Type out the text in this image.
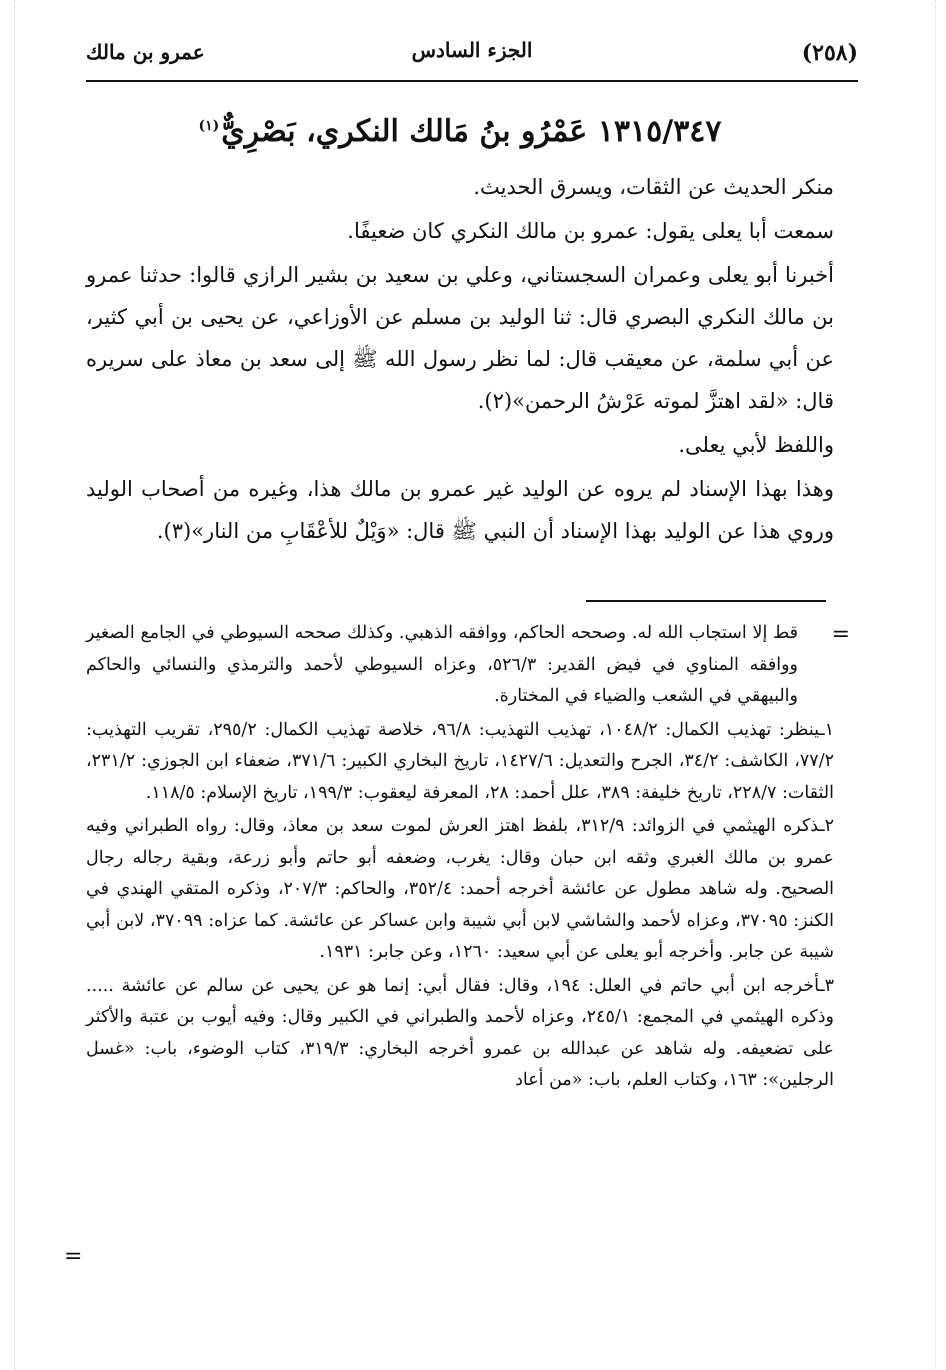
(٢٥٨)
الجزء السادس
عمرو بن مالك
١٣١٥/٣٤٧ عَمْرُو بنُ مَالك النكري، بَصْرِيٌّ$^{(١)}$

منكر الحديث عن الثقات، ويسرق الحديث.

سمعت أبا يعلى يقول: عمرو بن مالك النكري كان ضعيفًا.

أخبرنا أبو يعلى وعمران السجستاني، وعلي بن سعيد بن بشير الرازي قالوا: حدثنا عمرو بن مالك النكري البصري قال: ثنا الوليد بن مسلم عن الأوزاعي، عن يحيى بن أبي كثير، عن أبي سلمة، عن معيقب قال: لما نظر رسول الله ﷺ إلى سعد بن معاذ على سريره قال: «لقد اهتزَّ لموته عَرْشُ الرحمن»(٢).

واللفظ لأبي يعلى.

وهذا بهذا الإسناد لم يروه عن الوليد غير عمرو بن مالك هذا، وغيره من أصحاب الوليد وروي هذا عن الوليد بهذا الإسناد أن النبي ﷺ قال: «وَيْلٌ للأعْقَابِ من النار»(٣).

=

قط إلا استجاب الله له. وصححه الحاكم، ووافقه الذهبي. وكذلك صححه السيوطي في الجامع الصغير ووافقه المناوي في فيض القدير: ٥٢٦/٣، وعزاه السيوطي لأحمد والترمذي والنسائي والحاكم والبيهقي في الشعب والضياء في المختارة.

١ـينظر: تهذيب الكمال: ١٠٤٨/٢، تهذيب التهذيب: ٩٦/٨، خلاصة تهذيب الكمال: ٢٩٥/٢، تقريب التهذيب: ٧٧/٢، الكاشف: ٣٤/٢، الجرح والتعديل: ١٤٢٧/٦، تاريخ البخاري الكبير: ٣٧١/٦، ضعفاء ابن الجوزي: ٢٣١/٢، الثقات: ٢٢٨/٧، تاريخ خليفة: ٣٨٩، علل أحمد: ٢٨، المعرفة ليعقوب: ١٩٩/٣، تاريخ الإسلام: ١١٨/٥.

٢ـذكره الهيثمي في الزوائد: ٣١٢/٩، بلفظ اهتز العرش لموت سعد بن معاذ، وقال: رواه الطبراني وفيه عمرو بن مالك الغبري وثقه ابن حبان وقال: يغرب، وضعفه أبو حاتم وأبو زرعة، وبقية رجاله رجال الصحيح. وله شاهد مطول عن عائشة أخرجه أحمد: ٣٥٢/٤، والحاكم: ٢٠٧/٣، وذكره المتقي الهندي في الكنز: ٣٧٠٩٥، وعزاه لأحمد والشاشي لابن أبي شيبة وابن عساكر عن عائشة. كما عزاه: ٣٧٠٩٩، لابن أبي شيبة عن جابر. وأخرجه أبو يعلى عن أبي سعيد: ١٢٦٠، وعن جابر: ١٩٣١.

٣ـأخرجه ابن أبي حاتم في العلل: ١٩٤، وقال: فقال أبي: إنما هو عن يحيى عن سالم عن عائشة ..... وذكره الهيثمي في المجمع: ٢٤٥/١، وعزاه لأحمد والطبراني في الكبير وقال: وفيه أيوب بن عتبة والأكثر على تضعيفه. وله شاهد عن عبدالله بن عمرو أخرجه البخاري: ٣١٩/٣، كتاب الوضوء، باب: «غسل الرجلين»: ١٦٣، وكتاب العلم، باب: «من أعاد

=
